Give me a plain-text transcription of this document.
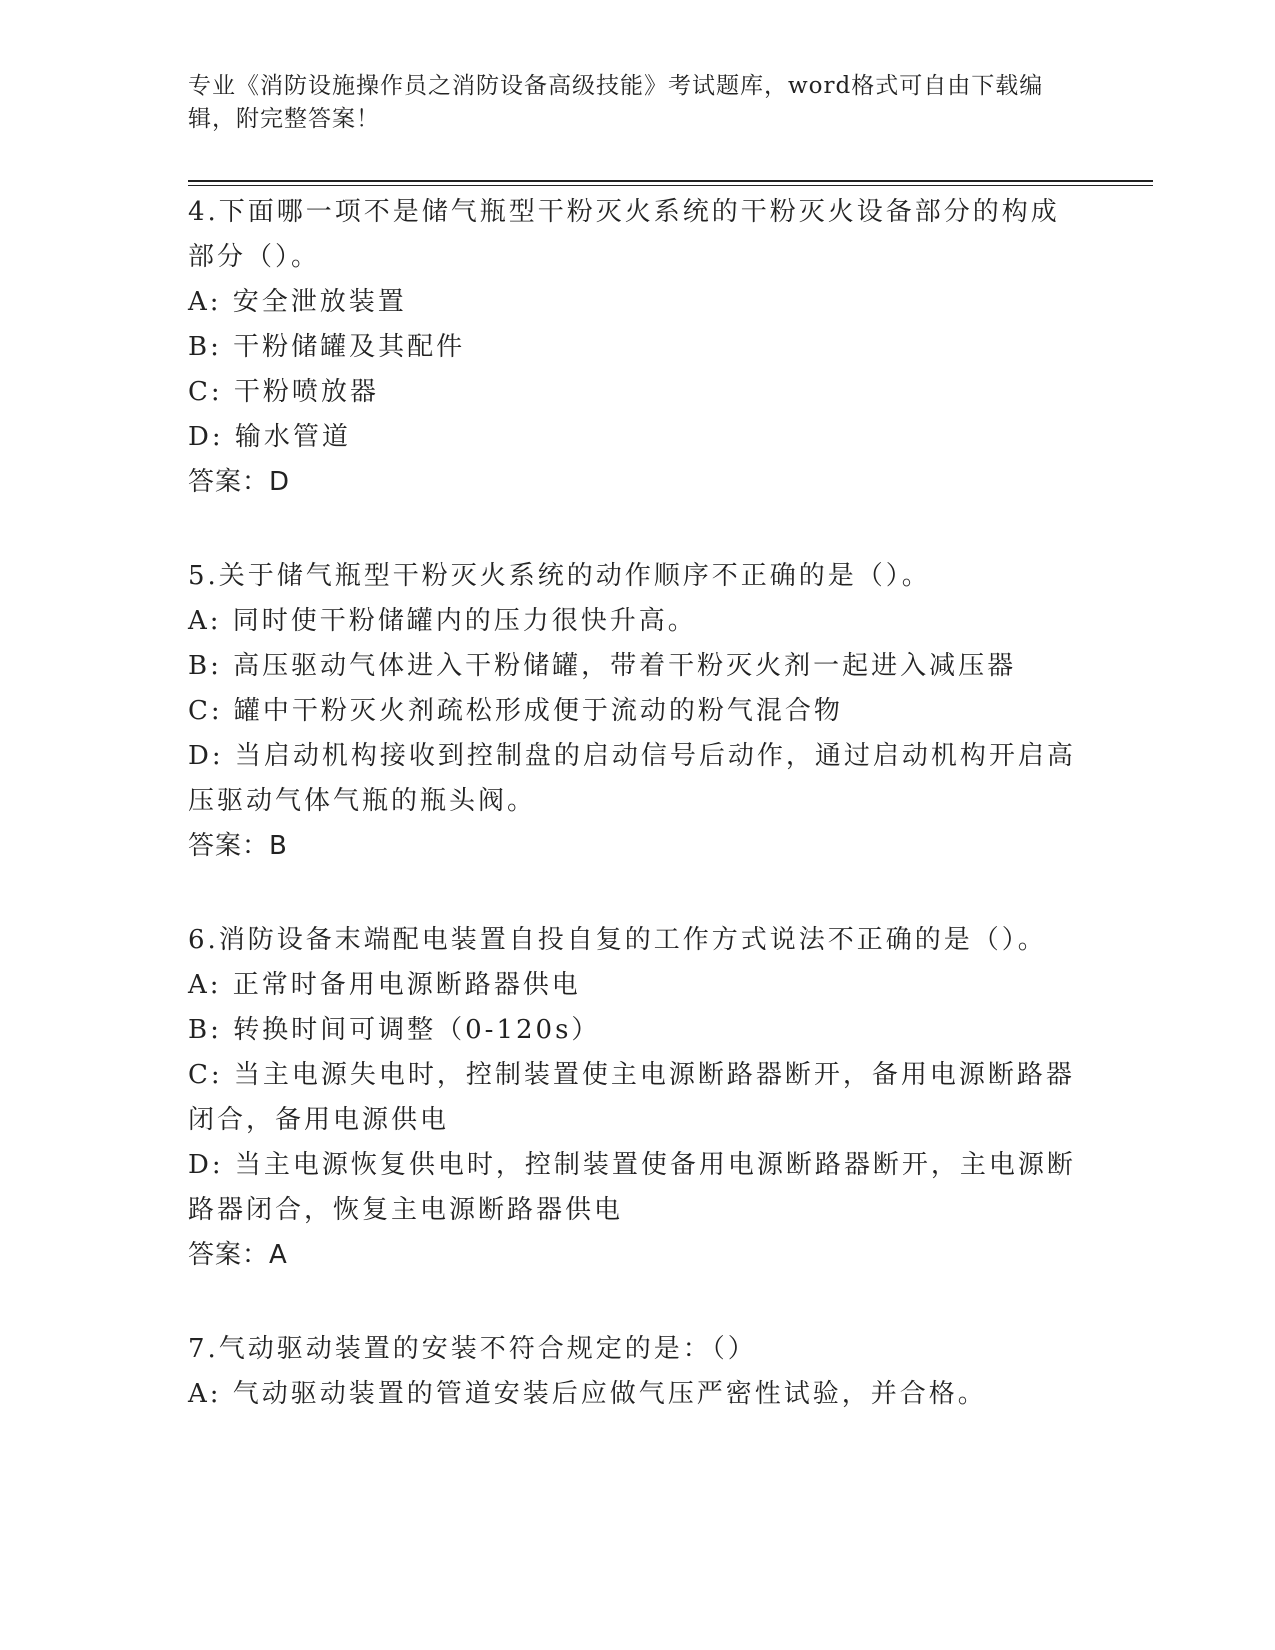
专业《消防设施操作员之消防设备高级技能》考试题库，word格式可自由下载编辑，附完整答案！

4.下面哪一项不是储气瓶型干粉灭火系统的干粉灭火设备部分的构成部分（）。

A: 安全泄放装置

B: 干粉储罐及其配件

C: 干粉喷放器

D: 输水管道

答案：D

5.关于储气瓶型干粉灭火系统的动作顺序不正确的是（）。

A: 同时使干粉储罐内的压力很快升高。

B: 高压驱动气体进入干粉储罐，带着干粉灭火剂一起进入减压器

C: 罐中干粉灭火剂疏松形成便于流动的粉气混合物

D: 当启动机构接收到控制盘的启动信号后动作，通过启动机构开启高压驱动气体气瓶的瓶头阀。

答案：B

6.消防设备末端配电装置自投自复的工作方式说法不正确的是（）。

A: 正常时备用电源断路器供电

B: 转换时间可调整（0-120s）

C: 当主电源失电时，控制装置使主电源断路器断开，备用电源断路器闭合，备用电源供电

D: 当主电源恢复供电时，控制装置使备用电源断路器断开，主电源断路器闭合，恢复主电源断路器供电

答案：A

7.气动驱动装置的安装不符合规定的是：（）

A: 气动驱动装置的管道安装后应做气压严密性试验，并合格。
